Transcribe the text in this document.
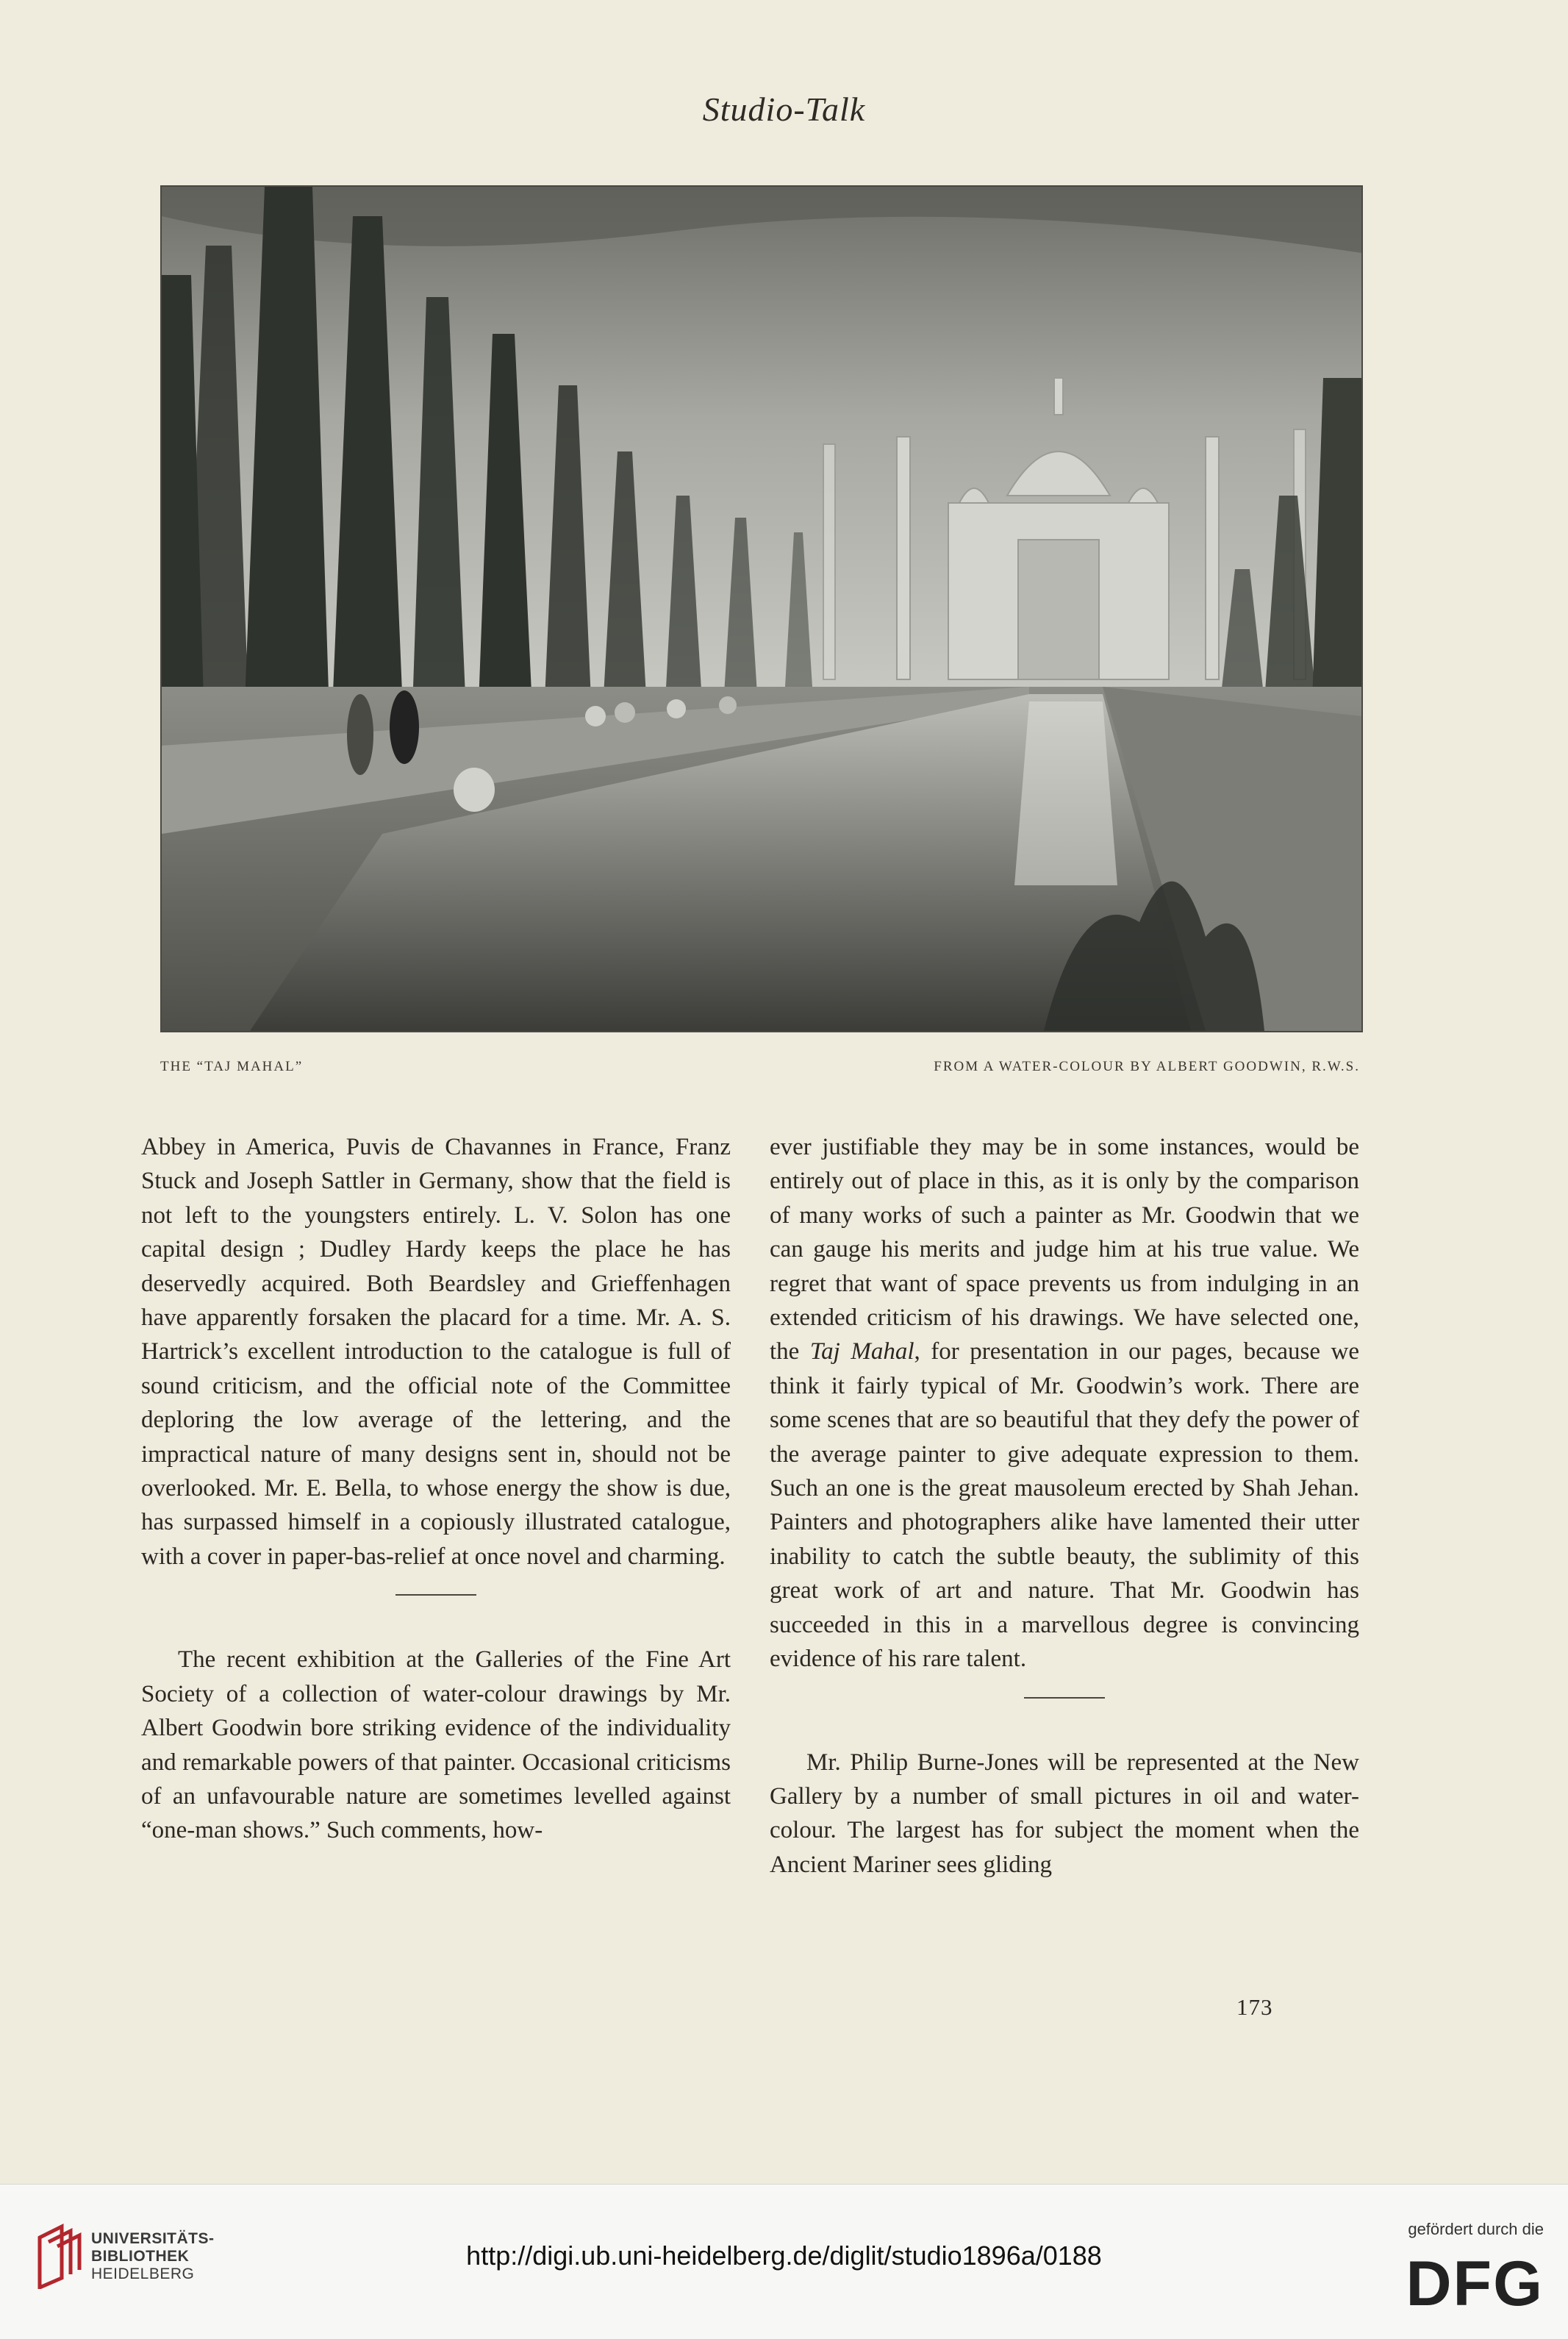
Studio-Talk
THE “TAJ MAHAL”	FROM A WATER-COLOUR BY ALBERT GOODWIN, R.W.S.

Abbey in America, Puvis de Chavannes in France, Franz Stuck and Joseph Sattler in Germany, show that the field is not left to the youngsters entirely. L. V. Solon has one capital design ; Dudley Hardy keeps the place he has deservedly acquired. Both Beardsley and Grieffenhagen have apparently forsaken the placard for a time. Mr. A. S. Hartrick’s excellent introduction to the catalogue is full of sound criticism, and the official note of the Committee deploring the low average of the lettering, and the impractical nature of many designs sent in, should not be overlooked. Mr. E. Bella, to whose energy the show is due, has surpassed himself in a copiously illustrated catalogue, with a cover in paper-bas-relief at once novel and charming.

The recent exhibition at the Galleries of the Fine Art Society of a collection of water-colour drawings by Mr. Albert Goodwin bore striking evidence of the individuality and remarkable powers of that painter. Occasional criticisms of an unfavourable nature are sometimes levelled against “one-man shows.” Such comments, how-

ever justifiable they may be in some instances, would be entirely out of place in this, as it is only by the comparison of many works of such a painter as Mr. Goodwin that we can gauge his merits and judge him at his true value. We regret that want of space prevents us from indulging in an extended criticism of his drawings. We have selected one, the Taj Mahal, for presentation in our pages, because we think it fairly typical of Mr. Goodwin’s work. There are some scenes that are so beautiful that they defy the power of the average painter to give adequate expression to them. Such an one is the great mausoleum erected by Shah Jehan. Painters and photographers alike have lamented their utter inability to catch the subtle beauty, the sublimity of this great work of art and nature. That Mr. Goodwin has succeeded in this in a marvellous degree is convincing evidence of his rare talent.

Mr. Philip Burne-Jones will be represented at the New Gallery by a number of small pictures in oil and water-colour. The largest has for subject the moment when the Ancient Mariner sees gliding

173
UNIVERSITÄTS-
BIBLIOTHEK
HEIDELBERG
http://digi.ub.uni-heidelberg.de/diglit/studio1896a/0188
gefördert durch die
DFG
